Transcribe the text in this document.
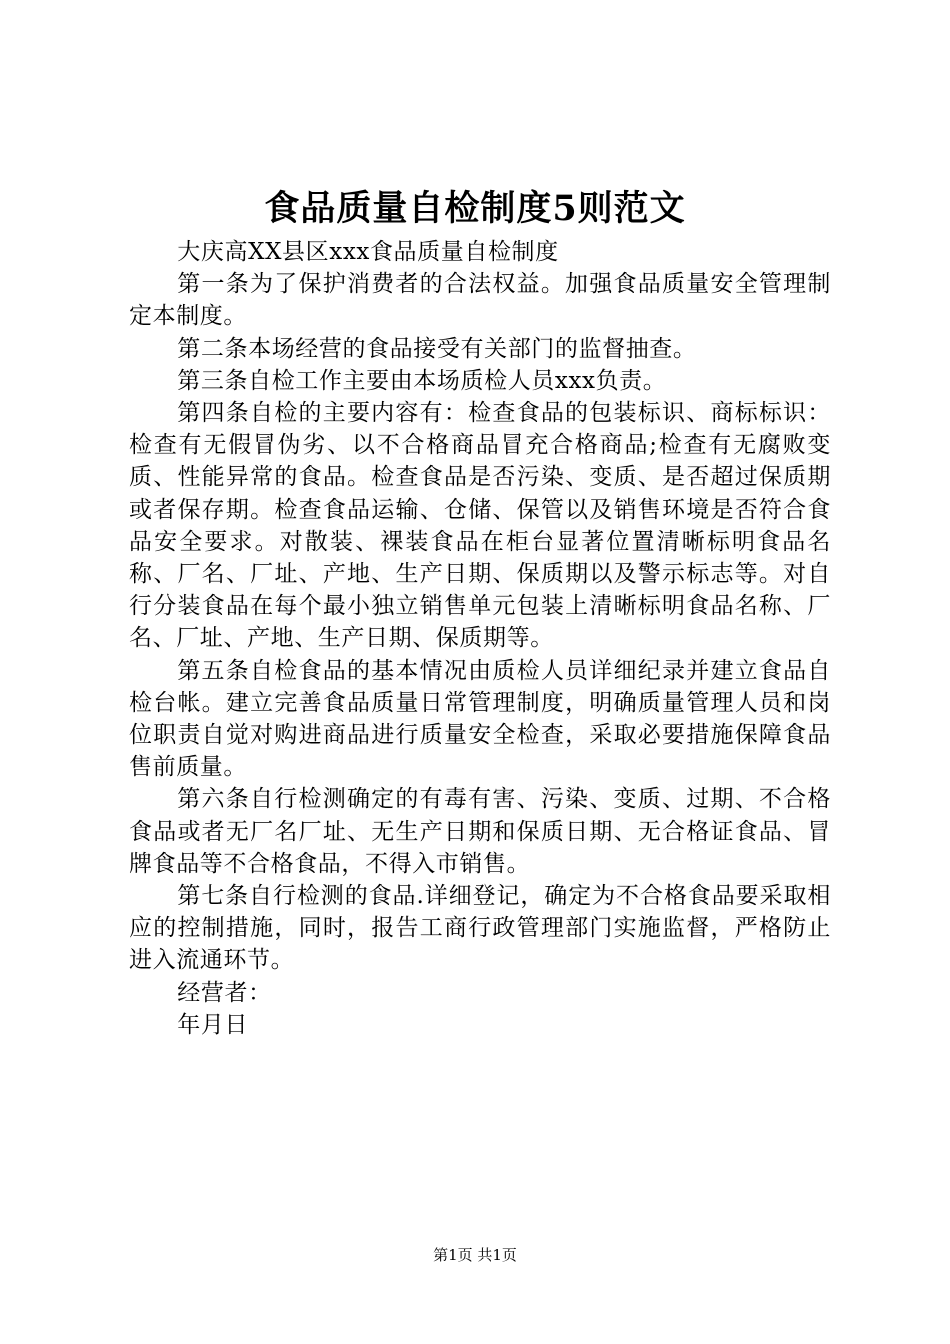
食品质量自检制度5则范文

大庆高XX县区xxx食品质量自检制度

第一条为了保护消费者的合法权益。加强食品质量安全管理制定本制度。

第二条本场经营的食品接受有关部门的监督抽查。

第三条自检工作主要由本场质检人员xxx负责。

第四条自检的主要内容有：检查食品的包装标识、商标标识：检查有无假冒伪劣、以不合格商品冒充合格商品;检查有无腐败变质、性能异常的食品。检查食品是否污染、变质、是否超过保质期或者保存期。检查食品运输、仓储、保管以及销售环境是否符合食品安全要求。对散装、裸装食品在柜台显著位置清晰标明食品名称、厂名、厂址、产地、生产日期、保质期以及警示标志等。对自行分装食品在每个最小独立销售单元包装上清晰标明食品名称、厂名、厂址、产地、生产日期、保质期等。

第五条自检食品的基本情况由质检人员详细纪录并建立食品自检台帐。建立完善食品质量日常管理制度，明确质量管理人员和岗位职责自觉对购进商品进行质量安全检查，采取必要措施保障食品售前质量。

第六条自行检测确定的有毒有害、污染、变质、过期、不合格食品或者无厂名厂址、无生产日期和保质日期、无合格证食品、冒牌食品等不合格食品，不得入市销售。

第七条自行检测的食品.详细登记，确定为不合格食品要采取相应的控制措施，同时，报告工商行政管理部门实施监督，严格防止进入流通环节。

经营者：

年月日

第1页 共1页
